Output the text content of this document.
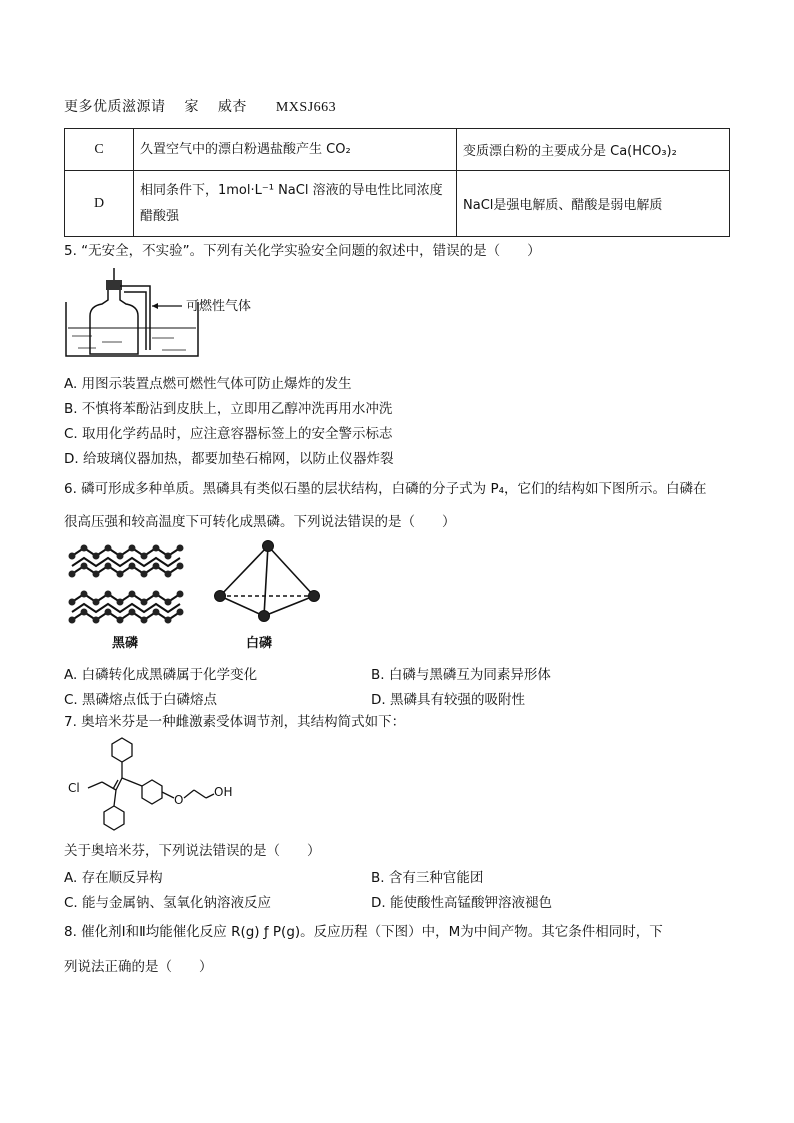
更多优质滋源请 家 威杏 MXSJ663
C	久置空气中的漂白粉遇盐酸产生 CO₂	变质漂白粉的主要成分是 Ca(HCO₃)₂
D	相同条件下，1mol·L⁻¹ NaCl 溶液的导电性比同浓度醋酸强	NaCl是强电解质、醋酸是弱电解质
5. “无安全，不实验”。下列有关化学实验安全问题的叙述中，错误的是（　　）
可燃性气体
A. 用图示装置点燃可燃性气体可防止爆炸的发生
B. 不慎将苯酚沾到皮肤上，立即用乙醇冲洗再用水冲洗
C. 取用化学药品时，应注意容器标签上的安全警示标志
D. 给玻璃仪器加热，都要加垫石棉网，以防止仪器炸裂
6. 磷可形成多种单质。黑磷具有类似石墨的层状结构，白磷的分子式为 P₄，它们的结构如下图所示。白磷在
很高压强和较高温度下可转化成黑磷。下列说法错误的是（　　）
黑磷	白磷
A. 白磷转化成黑磷属于化学变化	B. 白磷与黑磷互为同素异形体
C. 黑磷熔点低于白磷熔点	D. 黑磷具有较强的吸附性
7. 奥培米芬是一种雌激素受体调节剂，其结构简式如下：
Cl
O
OH
关于奥培米芬，下列说法错误的是（　　）
A. 存在顺反异构	B. 含有三种官能团
C. 能与金属钠、氢氧化钠溶液反应	D. 能使酸性高锰酸钾溶液褪色
8. 催化剂Ⅰ和Ⅱ均能催化反应 R(g) ƒ P(g)。反应历程（下图）中，M为中间产物。其它条件相同时，下
列说法正确的是（　　）
